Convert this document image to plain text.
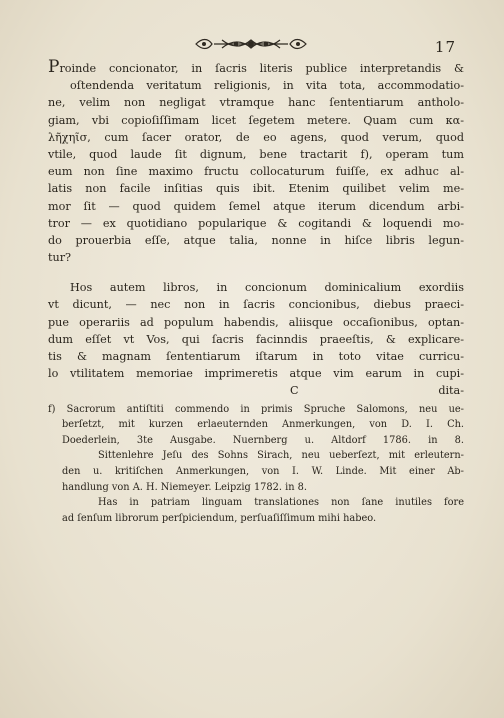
17
Proinde concionator, in ſacris literis publice interpretandis &
oſtendenda veritatum religionis, in vita tota, accommodatio-
ne, velim non negligat vtramque hanc ſententiarum antholo-
giam, vbi copioſiſſimam licet ſegetem metere. Quam cum κα-
λῆχηῖσ, cum ſacer orator, de eo agens, quod verum, quod
vtile, quod laude ſit dignum, bene tractarit f), operam tum
eum non ſine maximo fructu collocaturum fuiſſe, ex adhuc al-
latis non facile inſitias quis ibit. Etenim quilibet velim me-
mor ſit — quod quidem ſemel atque iterum dicendum arbi-
tror — ex quotidiano popularique & cogitandi & loquendi mo-
do prouerbia eſſe, atque talia, nonne in hiſce libris legun-
tur?
Hos autem libros, in concionum dominicalium exordiis
vt dicunt, — nec non in ſacris concionibus, diebus praeci-
pue operariis ad populum habendis, aliisque occaſionibus, optan-
dum eſſet vt Vos, qui ſacris facinndis praeeſtis, & explicare-
tis & magnam ſententiarum iſtarum in toto vitae curricu-
lo vtilitatem memoriae imprimeretis atque vim earum in cupi-
C	dita-
f) Sacrorum antiſtiti commendo in primis Spruche Salomons, neu ue-
berſetzt, mit kurzen erlaeuternden Anmerkungen, von D. I. Ch.
Doederlein, 3te Ausgabe. Nuernberg u. Altdorf 1786. in 8.
Sittenlehre Jeſu des Sohns Sirach, neu ueberſezt, mit erleutern-
den u. kritiſchen Anmerkungen, von I. W. Linde. Mit einer Ab-
handlung von A. H. Niemeyer. Leipzig 1782. in 8.
Has in patriam linguam translationes non ſane inutiles fore
ad ſenſum librorum perſpiciendum, perſuaſiſſimum mihi habeo.
